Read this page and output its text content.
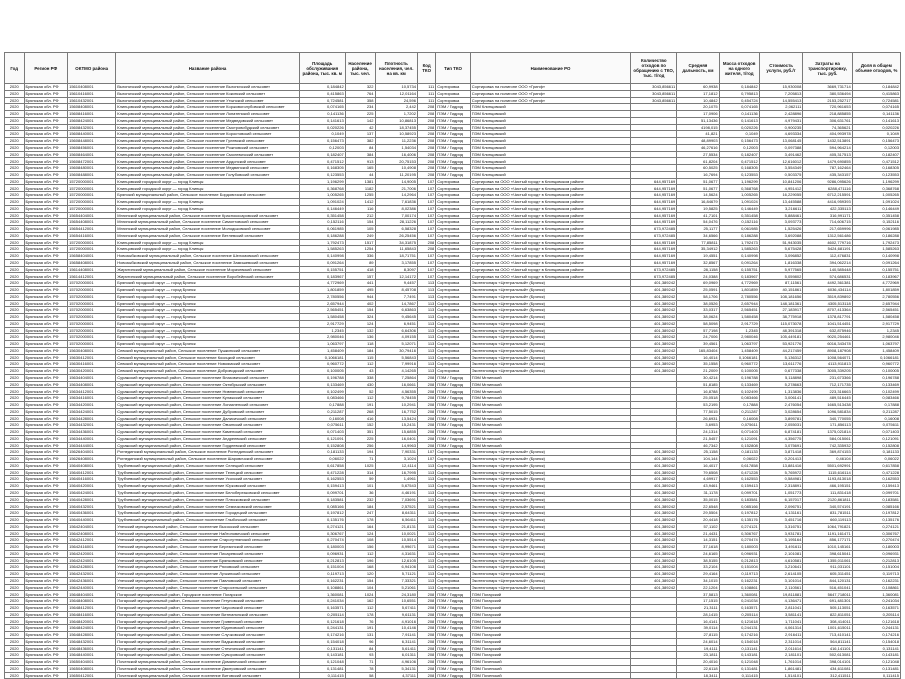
Год	Регион РФ	ОКТМО района	Название района	Площадь обслуживания района, тыс. кв. м	Население района, тыс. чел.	Плотность населения, чел. на кв. км	Код ТКО	Тип ТКО	Наименование РО	Количество отходов по обращению с ТКО, тыс. т/год	Средняя дальность, км	Масса отходов на одного жителя, т/год	Стоимость услуги, руб./т	Затраты на транспортировку, тыс. руб.	Доля в общем объеме отходов, %
2020	Брянская обл. РФ	15610408001	Выгоничский муниципальный район, Сельское поселение Выгоничский сельсовет	0,184842	322	10,5734	111	Сортировка	Сортировка на полигоне ООО «Гринф»	3043,856611	60,9938	0,184842	15,930008	3669,731714	0,184842
2020	Брянская обл. РФ	15610416001	Выгоничский муниципальный район, Сельское поселение Кокинский сельсовет	0,415863	764	12,01164	111	Сортировка	Сортировка на полигоне ООО «Гринф»	3043,856611	17,1812	0,795813	7,205813	380,536494	0,415863
2020	Брянская обл. РФ	15610432001	Выгоничский муниципальный район, Сельское поселение Утынский сельсовет	0,724581	358	24,596	111	Сортировка	Сортировка на полигоне ООО «Гринф»	3043,856611	10,4842	0,454724	14,555413	2153,252717	0,724581
2020	Брянская обл. РФ	15608408001	Клинцовский муниципальный район, Сельское поселение Коржовоголубовский сельсовет	0,074165	234	2,442	208	ПЭМ / Гидрид	ПЭМ Клинцовский		20,1075	0,074165	2,062111	720,961653	0,074165
2020	Брянская обл. РФ	15608416001	Клинцовский муниципальный район, Сельское поселение Лопатенский сельсовет	0,141136	225	1,7202	208	ПЭМ / Гидрид	ПЭМ Клинцовский		17,0906	0,141136	2,428896	218,885855	0,141136
2020	Брянская обл. РФ	15608424001	Клинцовский муниципальный район, Сельское поселение Медведовский сельсовет	0,141613	142	10,86813	208	ПЭМ / Гидрид	ПЭМ Клинцовский		51,13436	0,141613	4,979431	306,631761	0,141613
2020	Брянская обл. РФ	15608432001	Клинцовский муниципальный район, Сельское поселение Смотровобудский сельсовет	0,020226	42	18,37455	208	ПЭМ / Гидрид	ПЭМ Клинцовский		4198,015	0,020226	0,900235	74,365621	0,020226
2020	Брянская обл. РФ	15608440001	Клинцовский муниципальный район, Сельское поселение Коростовский сельсовет	0,1049	137	10,58923	208	ПЭМ / Гидрид	ПЭМ Клинцовский		41,821	0,1049	4,693334	404,993978	0,1049
2020	Брянская обл. РФ	15608448001	Клинцовский муниципальный район, Сельское поселение Гулевский сельсовет	0,156473	382	11,2236	208	ПЭМ / Гидрид	ПЭМ Клинцовский		48,89903	0,156473	13,068145	1432,513891	0,156473
2020	Брянская обл. РФ	15608456001	Клинцовский муниципальный район, Сельское поселение Рожновский сельсовет	0,12003	84	1,54034	208	ПЭМ / Гидрид	ПЭМ Клинцовский		46,27616	0,12003	0,097388	594,964214	0,12003
2020	Брянская обл. РФ	15608464001	Клинцовский муниципальный район, Сельское поселение Смолевичский сельсовет	0,182407	384	16,4006	208	ПЭМ / Гидрид	ПЭМ Клинцовский		27,5534	0,182407	3,491462	405,317513	0,182407
2020	Брянская обл. РФ	15608472001	Клинцовский муниципальный район, Сельское поселение Ардонский сельсовет	0,471512	913	20,75153	208	ПЭМ / Гидрид	ПЭМ Клинцовский		61,8204	0,471512	12,616012	1479,690855	0,471512
2020	Брянская обл. РФ	15608480001	Клинцовский муниципальный район, Сельское поселение Медвинский сельсовет	0,168305	165	10,4908	208	ПЭМ / Гидрид	ПЭМ Клинцовский		60,5025	0,168305	3,554349	787,162464	0,168305
2020	Брянская обл. РФ	15608488001	Клинцовский муниципальный район, Сельское поселение Голубовский сельсовет	0,123553	44	11,20195	208	ПЭМ / Гидрид	ПЭМ Клинцовский		16,7694	0,123553	0,503375	435,343157	0,123553
2020	Брянская обл. РФ	15720000001	Клинцовский городской округ — город Клинцы	1,196299	1381	14,9005	107	Сортировка	Сортировка на ООО «Чистый город» в Клинцовском районе	644,957169	51,0677	1,196299	10,841206	9286,095626	1,196299
2020	Брянская обл. РФ	15720000001	Клинцовский городской округ — город Клинцы	0,368768	1182	21,7006	107	Сортировка	Сортировка на ООО «Чистый город» в Клинцовском районе	644,957169	51,0677	0,368768	4,951412	6288,471116	0,368768
2020	Брянская обл. РФ	15720000001	Брянский муниципальный район, Сельское поселение Бордовичский сельсовет	1,005265	1255	14,2964	107	Сортировка	Сортировка на ООО «Чистый город» в Клинцовском районе	644,957169	14,5624	1,005265	16,229055	6712,215591	1,005265
2020	Брянская обл. РФ	15720000001	Клинцовский городской округ — город Клинцы	1,091024	1412	7,61836	107	Сортировка	Сортировка на ООО «Чистый город» в Клинцовском районе	644,957169	16,84679	1,091024	13,445588	4416,959393	1,091024
2020	Брянская обл. РФ	15720000001	Клинцовский городской округ — город Клинцы	0,146449	116	8,02386	107	Сортировка	Сортировка на ООО «Чистый город» в Клинцовском районе	644,957169	19,5825	0,146449	3,216611	422,335113	0,146449
2020	Брянская обл. РФ	15654404001	Мглинский муниципальный район, Сельское поселение Краснокосаровский сельсовет	0,351458	212	7,00174	107	Сортировка	Сортировка на ООО «Чистый город» в Клинцовском районе	644,957169	41,7101	0,351458	5,888461	316,991171	0,351458
2020	Брянская обл. РФ	15654408001	Мглинский муниципальный район, Сельское поселение Симонтовский сельсовет	0,152116	154	28,11226	107	Сортировка	Сортировка на ООО «Чистый город» в Клинцовском районе	644,957169	54,0476	0,152116	3,093773	714,606715	0,152116
2020	Брянская обл. РФ	15654412001	Мглинский муниципальный район, Сельское поселение Молодьковский сельсовет	0,061985	105	6,58328	107	Сортировка	Сортировка на ООО «Чистый город» в Клинцовском районе	673,972485	25,1177	0,061985	1,525426	217,659996	0,061985
2020	Брянская обл. РФ	15654416001	Мглинский муниципальный район, Сельское поселение Ветлевский сельсовет	0,186288	249	26,25456	107	Сортировка	Сортировка на ООО «Чистый город» в Клинцовском районе	673,972485	34,6566	0,186288	3,692088	1312,561486	0,186288
2020	Брянская обл. РФ	15720000001	Клинцовский городской округ — город Клинцы	1,792473	1517	34,31875	208	Сортировка	Сортировка на ООО «Чистый город» в Клинцовском районе	644,957169	77,85811	1,792473	51,943035	4602,779716	1,792473
2020	Брянская обл. РФ	15720000001	Клинцовский городской округ — город Клинцы	1,585263	1254	11,65843	208	Сортировка	Сортировка на ООО «Чистый город» в Клинцовском районе	644,957169	35,34912	1,585263	5,675428	5424,681191	1,585263
2020	Брянская обл. РФ	15658404001	Новозыбковский муниципальный район, Сельское поселение Шеломовский сельсовет	0,140998	336	18,71751	107	Сортировка	Сортировка на ООО «Чистый город» в Клинцовском районе	644,957169	19,4551	0,140998	3,096852	112,476831	0,140998
2020	Брянская обл. РФ	15658408001	Новозыбковский муниципальный район, Сельское поселение Замишевский сельсовет	0,091264	89	3,17855	107	Сортировка	Сортировка на ООО «Чистый город» в Клинцовском районе	644,957169	32,8567	0,091264	1,816338	394,062214	0,091264
2020	Брянская обл. РФ	15614408001	Жирятинский муниципальный район, Сельское поселение Морачевский сельсовет	0,155751	418	8,3097	107	Сортировка	Сортировка на ООО «Чистый город» в Клинцовском районе	673,972485	28,1158	0,155751	5,977565	140,585448	0,155751
2020	Брянская обл. РФ	15614412001	Жирятинский муниципальный район, Сельское поселение Воробейнский сельсовет	0,183967	157	12,14172	107	Сортировка	Сортировка на ООО «Чистый город» в Клинцовском районе	673,972485	24,0388	0,183967	5,059802	574,686531	0,183967
2020	Брянская обл. РФ	15702000001	Брянский городской округ — город Брянск	4,772969	441	9,4457	113	Сортировка	Экотехнопарк «Центральный» (Брянск)	401,389242	69,0969	4,772969	87,11561	4492,361381	4,772969
2020	Брянская обл. РФ	15702000001	Брянский городской округ — город Брянск	1,801859	495	8,45708	113	Сортировка	Экотехнопарк «Центральный» (Брянск)	401,389242	25,0591	1,801859	40,151861	6036,434114	1,801859
2020	Брянская обл. РФ	15702000001	Брянский городской округ — город Брянск	2,780556	944	7,7491	113	Сортировка	Экотехнопарк «Центральный» (Брянск)	401,389242	58,1706	2,780556	108,181656	3519,839892	2,780556
2020	Брянская обл. РФ	15702000001	Брянский городской округ — город Брянск	2,657944	402	14,7867	113	Сортировка	Экотехнопарк «Центральный» (Брянск)	401,389242	38,0526	2,657944	148,181361	4305,513118	2,657944
2020	Брянская обл. РФ	15702000001	Брянский городской округ — город Брянск	2,565451	154	6,63863	113	Сортировка	Экотехнопарк «Центральный» (Брянск)	401,389242	33,0317	2,565451	27,183917	8707,413364	2,565451
2020	Брянская обл. РФ	15702000001	Брянский городской округ — город Брянск	1,580458	324	9,45645	113	Сортировка	Экотехнопарк «Центральный» (Брянск)	401,389242	38,0624	1,580458	38,775918	1378,817791	1,580458
2020	Брянская обл. РФ	15702000001	Брянский городской округ — город Брянск	2,917729	124	6,9451	113	Сортировка	Экотехнопарк «Центральный» (Брянск)	401,389242	58,5098	2,917729	115,073078	1041,514451	2,917729
2020	Брянская обл. РФ	15702000001	Брянский городской округ — город Брянск	1,2345	132	6,64306	113	Сортировка	Экотехнопарк «Центральный» (Брянск)	401,389242	57,7198	1,2345	48,391318	632,875946	1,2345
2020	Брянская обл. РФ	15702000001	Брянский городской округ — город Брянск	2,980046	136	4,09155	113	Сортировка	Экотехнопарк «Центральный» (Брянск)	401,389242	24,7006	2,980046	105,449181	9020,254461	2,980046
2020	Брянская обл. РФ	15702000001	Брянский городской округ — город Брянск	1,063797	118	5,12071	113	Сортировка	Экотехнопарк «Центральный» (Брянск)	401,389242	39,4561	1,063797	53,921776	6016,343478	1,063797
2020	Брянская обл. РФ	15630408001	Севский муниципальный район, Сельское поселение Пушкинский сельсовет	1,458409	184	30,79416	113	Сортировка	Экотехнопарк «Центральный» (Брянск)	401,389242	165,83404	1,458409	44,217459	8908,187908	1,458409
2020	Брянская обл. РФ	15630412001	Севский муниципальный район, Сельское поселение Косицкий сельсовет	0,1066181	115	5,56843	113	Сортировка	Экотехнопарк «Центральный» (Брянск)	401,389242	16,4014	0,1066181	5,136312	1008,564071	0,1066181
2020	Брянская обл. РФ	15630416001	Севский муниципальный район, Сельское поселение Новоямский сельсовет	0,960772	112	7,99916	113	Сортировка	Экотехнопарк «Центральный» (Брянск)	401,389242	35,1558	0,960772	13,611776	4113,911813	0,960772
2020	Брянская обл. РФ	15630420001	Севский муниципальный район, Сельское поселение Доброводский сельсовет	0,100005	43	4,14265	113	Сортировка	Экотехнопарк «Центральный» (Брянск)	401,389242	21,2009	0,100005	0,677338	3005,339205	0,100005
2020	Брянская обл. РФ	15634404001	Суражский муниципальный район, Сельское поселение Влазовичский сельсовет	0,196788	338	7,25864	208	ПЭМ / Гидрид	ПЭМ Мглинский		30,4214	0,196788	5,118898	231,673366	0,196788
2020	Брянская обл. РФ	15634408001	Суражский муниципальный район, Сельское поселение Октябрьский сельсовет	0,133469	430	16,0661	208	ПЭМ / Гидрид	ПЭМ Мглинский		51,8185	0,133469	5,278663	712,171735	0,133469
2020	Брянская обл. РФ	15634412001	Суражский муниципальный район, Сельское поселение Нивнянский сельсовет	0,102499	52	4,56355	208	ПЭМ / Гидрид	ПЭМ Мглинский		16,8788	0,102499	1,313836	223,316663	0,102499
2020	Брянская обл. РФ	15634416001	Суражский муниципальный район, Сельское поселение Кулажский сельсовет	0,083466	112	9,78455	208	ПЭМ / Гидрид	ПЭМ Мглинский		25,0518	0,083466	3,006141	489,516445	0,083466
2020	Брянская обл. РФ	15634420001	Суражский муниципальный район, Сельское поселение Лопазненский сельсовет	0,17888	191	10,2941	208	ПЭМ / Гидрид	ПЭМ Мглинский		53,2195	0,17888	2,476054	1665,513438	0,17888
2020	Брянская обл. РФ	15634424001	Суражский муниципальный район, Сельское поселение Дубровский сельсовет	0,211287	268	16,7752	208	ПЭМ / Гидрид	ПЭМ Мглинский		77,5015	0,211287	3,028654	1096,581834	0,211287
2020	Брянская обл. РФ	15634428001	Суражский муниципальный район, Сельское поселение Далисичский сельсовет	0,16008	416	13,5424	208	ПЭМ / Гидрид	ПЭМ Мглинский		26,6931	0,16008	3,895781	340,770055	0,16008
2020	Брянская обл. РФ	15634432001	Суражский муниципальный район, Сельское поселение Овчинский сельсовет	0,075611	152	15,2431	208	ПЭМ / Гидрид	ПЭМ Мглинский		3,6953	0,075611	2,055031	171,856113	0,075611
2020	Брянская обл. РФ	15634436001	Суражский муниципальный район, Сельское поселение Каменский сельсовет	0,071403	351	15,6855	208	ПЭМ / Гидрид	ПЭМ Мглинский		24,1314	0,071403	6,874181	1375,021814	0,071403
2020	Брянская обл. РФ	15634440001	Суражский муниципальный район, Сельское поселение Андреевский сельсовет	0,121091	225	16,0401	208	ПЭМ / Гидрид	ПЭМ Мглинский		21,5457	0,121091	4,356775	584,015061	0,121091
2020	Брянская обл. РФ	15634444001	Суражский муниципальный район, Сельское поселение Гордеевский сельсовет	0,152808	256	14,9963	208	ПЭМ / Гидрид	ПЭМ Мглинский		46,7342	0,152808	3,075691	742,335932	0,152808
2020	Брянская обл. РФ	15626404001	Рогнединский муниципальный район, Сельское поселение Рогнединский сельсовет	0,181133	194	7,90331	107	Сортировка	Экотехнопарк «Центральный» (Брянск)	401,389242	25,1158	0,181133	3,871418	369,874153	0,181133
2020	Брянская обл. РФ	15626408001	Рогнединский муниципальный район, Сельское поселение Шаровичский сельсовет	0,06022	71	3,1024	107	Сортировка	Экотехнопарк «Центральный» (Брянск)	401,389242	104,144	0,06022	0,201413	0,46104	0,06022
2020	Брянская обл. РФ	15640408001	Трубчевский муниципальный район, Сельское поселение Селецкий сельсовет	0,617858	1025	12,4114	113	Сортировка	Экотехнопарк «Центральный» (Брянск)	401,389242	16,4017	0,617858	13,881416	5501,692991	0,617858
2020	Брянская обл. РФ	15640412001	Трубчевский муниципальный район, Сельское поселение Телецкий сельсовет	0,471228	314	16,7995	113	Сортировка	Экотехнопарк «Центральный» (Брянск)	401,389242	79,6508	0,471228	5,765972	1115,616114	0,471228
2020	Брянская обл. РФ	15640416001	Трубчевский муниципальный район, Сельское поселение Усохский сельсовет	0,162553	59	1,4961	113	Сортировка	Экотехнопарк «Центральный» (Брянск)	401,389242	4,69917	0,162553	0,584981	1193,813018	0,162553
2020	Брянская обл. РФ	15640420001	Трубчевский муниципальный район, Сельское поселение Юрковский сельсовет	0,159413	101	5,67543	113	Сортировка	Экотехнопарк «Центральный» (Брянск)	401,389242	43,9461	0,159413	2,318891	466,195151	0,159413
2020	Брянская обл. РФ	15640424001	Трубчевский муниципальный район, Сельское поселение Белоберезковский сельсовет	0,099701	36	4,46191	113	Сортировка	Экотехнопарк «Центральный» (Брянск)	401,389242	31,1178	0,099701	1,051773	111,831418	0,099701
2020	Брянская обл. РФ	15640428001	Трубчевский муниципальный район, Сельское поселение Плюсковский сельсовет	0,183581	232	7,03691	113	Сортировка	Экотехнопарк «Центральный» (Брянск)	401,389242	35,0015	0,183581	6,157017	2120,861811	0,183581
2020	Брянская обл. РФ	15640432001	Трубчевский муниципальный район, Сельское поселение Семячковский сельсовет	0,085166	184	2,57521	113	Сортировка	Экотехнопарк «Центральный» (Брянск)	401,389242	22,6548	0,085166	2,096751	340,574191	0,085166
2020	Брянская обл. РФ	15640436001	Трубчевский муниципальный район, Сельское поселение Городецкий сельсовет	0,197812	247	8,64311	113	Сортировка	Экотехнопарк «Центральный» (Брянск)	401,389242	29,5504	0,197812	4,131161	831,781511	0,197812
2020	Брянская обл. РФ	15640440001	Трубчевский муниципальный район, Сельское поселение Глыбочский сельсовет	0,135176	178	6,56411	113	Сортировка	Экотехнопарк «Центральный» (Брянск)	401,389242	20,4418	0,135176	3,451716	660,119113	0,135176
2020	Брянская обл. РФ	15642404001	Унечский муниципальный район, Сельское поселение Высокский сельсовет	0,274121	164	21,8131	113	Сортировка	Экотехнопарк «Центральный» (Брянск)	401,389242	57,1102	0,274121	3,316751	1064,791821	0,274121
2020	Брянская обл. РФ	15642408001	Унечский муниципальный район, Сельское поселение Найтоповичский сельсовет	0,306767	124	10,0021	113	Сортировка	Экотехнопарк «Центральный» (Брянск)	401,389242	21,4431	0,306767	3,931781	1191,161471	0,306767
2020	Брянская обл. РФ	15642412001	Унечский муниципальный район, Сельское поселение Старогутнянский сельсовет	0,270474	108	10,5514	113	Сортировка	Экотехнопарк «Центральный» (Брянск)	401,389242	14,3151	0,270474	3,195164	856,177171	0,270474
2020	Брянская обл. РФ	15642416001	Унечский муниципальный район, Сельское поселение Березинский сельсовет	0,180003	156	8,99671	113	Сортировка	Экотехнопарк «Центральный» (Брянск)	401,389242	37,1618	0,180003	3,491611	1010,145161	0,180003
2020	Брянская обл. РФ	15642420001	Унечский муниципальный район, Сельское поселение Писаревский сельсовет	0,096931	112	4,31631	113	Сортировка	Экотехнопарк «Центральный» (Брянск)	401,389242	24,6165	0,096931	2,101081	398,615041	0,096931
2020	Брянская обл. РФ	15642424001	Унечский муниципальный район, Сельское поселение Брянковский сельсовет	0,212813	196	12,6105	113	Сортировка	Экотехнопарк «Центральный» (Брянск)	401,389242	38,5155	0,212813	4,610581	1355,011061	0,212813
2020	Брянская обл. РФ	15642428001	Унечский муниципальный район, Сельское поселение Рюховский сельсовет	0,151004	168	6,94106	113	Сортировка	Экотехнопарк «Центральный» (Брянск)	401,389242	33,2104	0,151004	3,210641	911,031101	0,151004
2020	Брянская обл. РФ	15642432001	Унечский муниципальный район, Сельское поселение Лучкинский сельсовет	0,119713	120	5,71121	113	Сортировка	Экотехнопарк «Центральный» (Брянск)	401,389242	29,4164	0,119713	2,614105	605,311451	0,119713
2020	Брянская обл. РФ	15642436001	Унечский муниципальный район, Сельское поселение Павловский сельсовет	0,162231	154	7,33321	113	Сортировка	Экотехнопарк «Центральный» (Брянск)	401,389242	34,1015	0,162231	3,101014	844,120131	0,162231
2020	Брянская обл. РФ	15642440001	Унечский муниципальный район, Сельское поселение Старосельский сельсовет	0,108861	104	5,21061	113	Сортировка	Экотехнопарк «Центральный» (Брянск)	401,389242	22,1204	0,108861	2,110561	516,451041	0,108861
2020	Брянская обл. РФ	15648404001	Погарский муниципальный район, Городское поселение Погарское	1,360081	1024	24,3180	208	ПЭМ / Гидрид	ПЭМ Погарский		37,5813	1,360081	19,811881	5647,718011	1,360081
2020	Брянская обл. РФ	15648408001	Погарский муниципальный район, Сельское поселение Гетуновский сельсовет	0,241034	162	10,6551	208	ПЭМ / Гидрид	ПЭМ Погарский		17,1515	0,241034	4,136471	691,481301	0,241034
2020	Брянская обл. РФ	15648412001	Погарский муниципальный район, Сельское поселение Чаусовский сельсовет	0,163571	112	5,67411	208	ПЭМ / Гидрид	ПЭМ Погарский		21,3111	0,163571	2,811041	505,113051	0,163571
2020	Брянская обл. РФ	15648416001	Погарский муниципальный район, Сельское поселение Витемлянский сельсовет	0,205114	178	9,61131	208	ПЭМ / Гидрид	ПЭМ Погарский		28,1415	0,205114	3,581141	822,811051	0,205114
2020	Брянская обл. РФ	15648420001	Погарский муниципальный район, Сельское поселение Гривенский сельсовет	0,121618	76	4,91016	208	ПЭМ / Гидрид	ПЭМ Погарский		16,4141	0,121618	1,711041	308,414011	0,121618
2020	Брянская обл. РФ	15648424001	Погарский муниципальный район, Сельское поселение Юдиновский сельсовет	0,244131	191	10,4146	208	ПЭМ / Гидрид	ПЭМ Погарский		39,0114	0,244131	4,061314	1001,615011	0,244131
2020	Брянская обл. РФ	15648428001	Погарский муниципальный район, Сельское поселение Случковский сельсовет	0,174216	131	7,91141	208	ПЭМ / Гидрид	ПЭМ Погарский		27,8115	0,174216	2,916411	713,410141	0,174216
2020	Брянская обл. РФ	15648432001	Погарский муниципальный район, Сельское поселение Вадьковский сельсовет	0,154018	96	6,31141	208	ПЭМ / Гидрид	ПЭМ Погарский		24,6014	0,154018	2,311014	564,811141	0,154018
2020	Брянская обл. РФ	15648436001	Погарский муниципальный район, Сельское поселение Стечнянский сельсовет	0,131141	84	5,61411	208	ПЭМ / Гидрид	ПЭМ Погарский		19,4111	0,131141	2,011614	416,141101	0,131141
2020	Брянская обл. РФ	15648440001	Погарский муниципальный район, Сельское поселение Суворовский сельсовет	0,143181	93	6,01311	208	ПЭМ / Гидрид	ПЭМ Погарский		23,1811	0,143181	2,181101	502,613081	0,143181
2020	Брянская обл. РФ	15650404001	Почепский муниципальный район, Сельское поселение Доманичский сельсовет	0,121048	71	4,96106	208	ПЭМ / Гидрид	ПЭМ Почепский		20,4016	0,121048	1,761014	398,014101	0,121048
2020	Брянская обл. РФ	15650408001	Почепский муниципальный район, Сельское поселение Дмитровский сельсовет	0,131481	78	5,34131	208	ПЭМ / Гидрид	ПЭМ Почепский		22,6118	0,131481	1,861481	434,611081	0,131481
2020	Брянская обл. РФ	15650412001	Почепский муниципальный район, Сельское поселение Витовский сельсовет	0,111415	58	4,37111	208	ПЭМ / Гидрид	ПЭМ Почепский		18,3411	0,111415	1,514101	312,411511	0,111415
